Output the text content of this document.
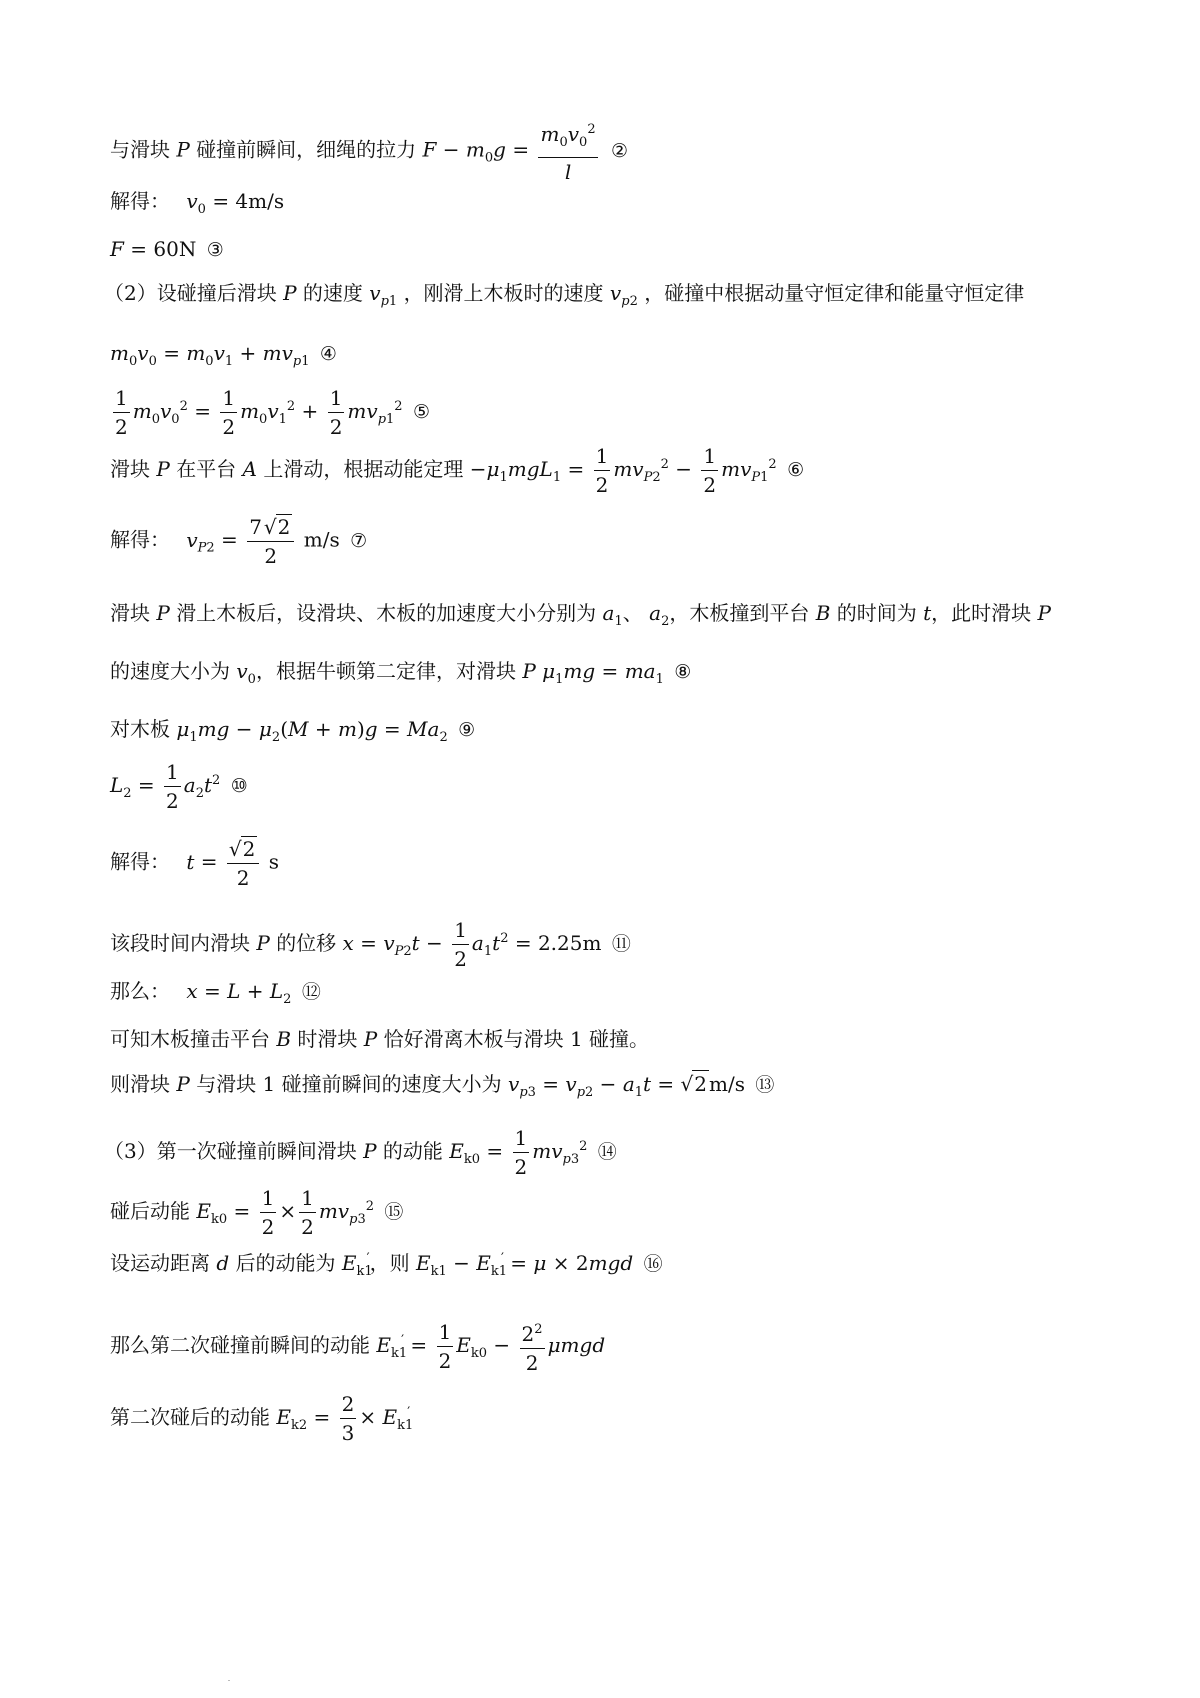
与滑块 P 碰撞前瞬间，细绳的拉力 $F - m_0g = \frac{m_0v_0^2}{l}$ ②
解得： $v_0 = 4m/s$
F = 60N ③
（2）设碰撞后滑块 P 的速度 $v_{p1}$ ，刚滑上木板时的速度 $v_{p2}$ ，碰撞中根据动量守恒定律和能量守恒定律
$m_0v_0 = m_0v_1 + mv_{p1}$ ④
$\frac{1}{2} m_0v_0^2 = \frac{1}{2} m_0v_1^2 + \frac{1}{2} mv_{p1}^2$ ⑤
滑块 P 在平台 A 上滑动，根据动能定理 $-\mu_1mgL_1 = \frac{1}{2} mv_{P2}^2 - \frac{1}{2} mv_{P1}^2$ ⑥
解得： $v_{P2} = \frac{7 √2}{2} m/s$ ⑦
滑块 P 滑上木板后，设滑块、木板的加速度大小分别为 $a_1$、 $a_2$，木板撞到平台 B 的时间为 t，此时滑块 P
的速度大小为 $v_0$，根据牛顿第二定律，对滑块 P $\mu_1mg = ma_1$ ⑧
对木板 $\mu_1mg - \mu_2(M + m)g = Ma_2$ ⑨
$L_2 = \frac{1}{2} a_2t^2$ ⑩
解得： $t = \frac{√2}{2}$ s
该段时间内滑块 P 的位移 $x = v_{P2}t - \frac{1}{2} a_1t^2 = 2.25m$ ⑪
那么： $x = L + L_2$ ⑫
可知木板撞击平台 B 时滑块 P 恰好滑离木板与滑块 1 碰撞。
则滑块 P 与滑块 1 碰撞前瞬间的速度大小为 $v_{p3} = v_{p2} - a_1t = √2$ m/s ⑬
（3）第一次碰撞前瞬间滑块 P 的动能 $E_{k0} = \frac{1}{2} mv_{p3}^2$ ⑭
碰后动能 $E_{k0} = \frac{1}{2} \times \frac{1}{2} mv_{p3}^2$ ⑮
设运动距离 d 后的动能为 $E_{k1}'$，则 $E_{k1} - E_{k1}' = \mu \times 2mgd$ ⑯
那么第二次碰撞前瞬间的动能 $E_{k1}' = \frac{1}{2} E_{k0} - \frac{2^2}{2}$ μmgd
第二次碰后的动能 $E_{k2} = \frac{2}{3} \times E_{k1}'$
